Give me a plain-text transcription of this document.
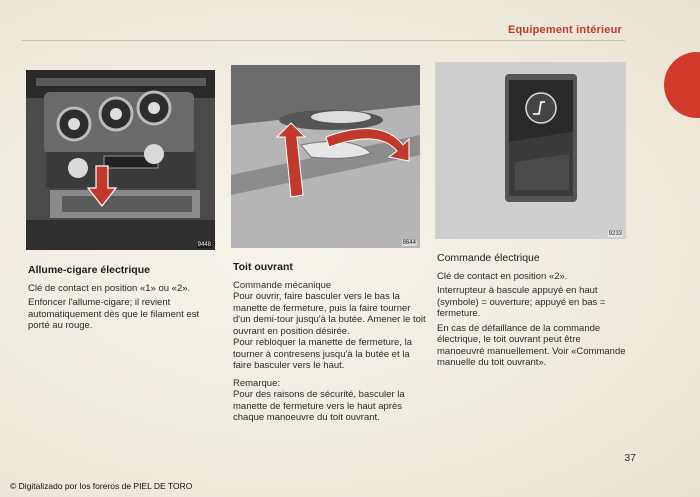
Equipement intérieur
9448	8644
9233

Allume-cigare électrique

Clé de contact en position «1» ou «2».

Enfoncer l'allume-cigare; il revient automatiquement dès que le filament est porté au rouge.

Toit ouvrant

Commande mécanique

Pour ouvrir, faire basculer vers le bas la manette de fermeture, puis la faire tourner d'un demi-tour jusqu'à la butée. Amener le toit ouvrant en position désirée.

Pour rebloquer la manette de fermeture, la tourner à contresens jusqu'à la butée et la faire basculer vers le haut.

Remarque:

Pour des raisons de sécurité, basculer la manette de fermeture vers le haut après chaque manoeuvre du toit ouvrant.

Commande électrique

Clé de contact en position «2».

Interrupteur à bascule appuyé en haut (symbole) = ouverture; appuyé en bas = fermeture.

En cas de défaillance de la commande électrique, le toit ouvrant peut être manoeuvré manuellement. Voir «Commande manuelle du toit ouvrant».

37
© Digitalizado por los foreros de PIEL DE TORO
